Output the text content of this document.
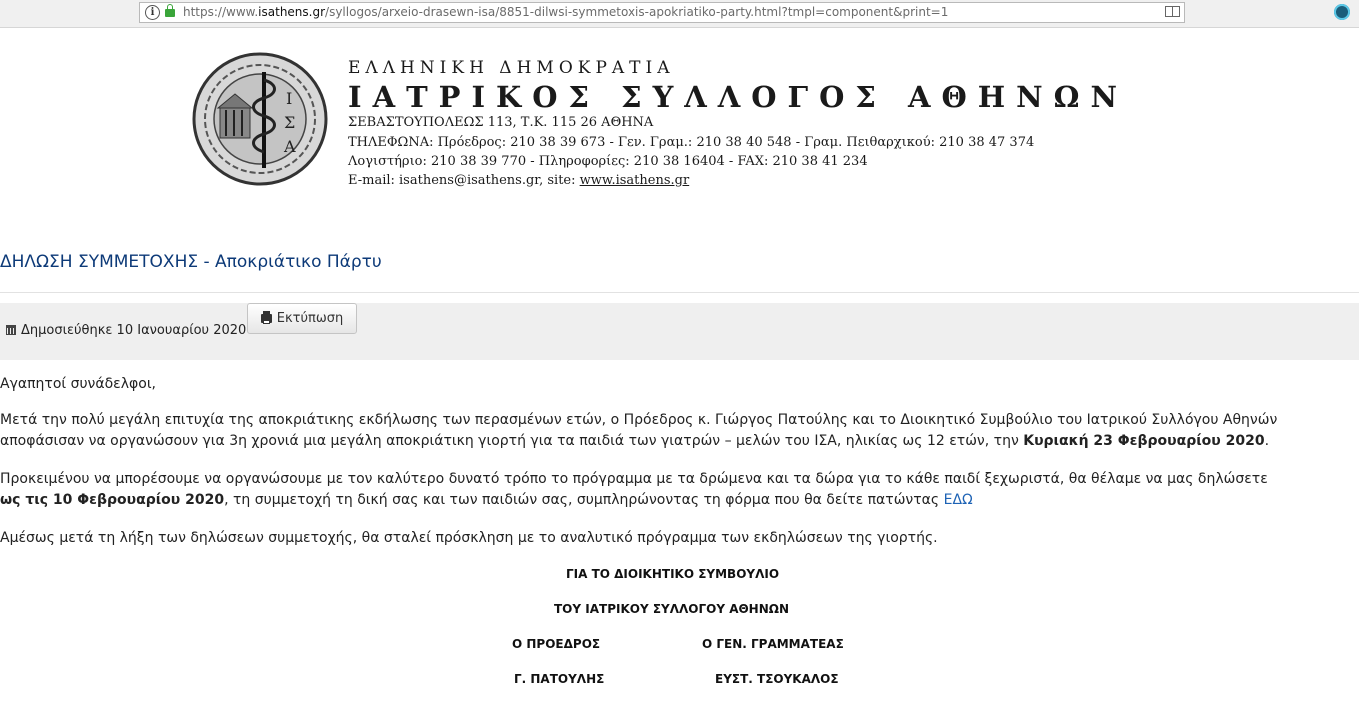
i	https://www.isathens.gr/syllogos/arxeio-drasewn-isa/8851-dilwsi-symmetoxis-apokriatiko-party.html?tmpl=component&print=1
Ι
Σ
Α
ΕΛΛΗΝΙΚΗ ΔΗΜΟΚΡΑΤΙΑ
ΙΑΤΡΙΚΟΣ ΣΥΛΛΟΓΟΣ ΑΘΗΝΩΝ
ΣΕΒΑΣΤΟΥΠΟΛΕΩΣ 113, Τ.Κ. 115 26 ΑΘΗΝΑ
ΤΗΛΕΦΩΝΑ: Πρόεδρος: 210 38 39 673 - Γεν. Γραμ.: 210 38 40 548 - Γραμ. Πειθαρχικού: 210 38 47 374
Λογιστήριο: 210 38 39 770 - Πληροφορίες: 210 38 16404 - FAX: 210 38 41 234
E-mail: isathens@isathens.gr, site: www.isathens.gr
ΔΗΛΩΣΗ ΣΥΜΜΕΤΟΧΗΣ - Αποκριάτικο Πάρτυ
Δημοσιεύθηκε 10 Ιανουαρίου 2020
Εκτύπωση
Αγαπητοί συνάδελφοι,
Μετά την πολύ μεγάλη επιτυχία της αποκριάτικης εκδήλωσης των περασμένων ετών, ο Πρόεδρος κ. Γιώργος Πατούλης και το Διοικητικό Συμβούλιο του Ιατρικού Συλλόγου Αθηνών
αποφάσισαν να οργανώσουν για 3η χρονιά μια μεγάλη αποκριάτικη γιορτή για τα παιδιά των γιατρών – μελών του ΙΣΑ, ηλικίας ως 12 ετών, την Κυριακή 23 Φεβρουαρίου 2020.
Προκειμένου να μπορέσουμε να οργανώσουμε με τον καλύτερο δυνατό τρόπο το πρόγραμμα με τα δρώμενα και τα δώρα για το κάθε παιδί ξεχωριστά, θα θέλαμε να μας δηλώσετε
ως τις 10 Φεβρουαρίου 2020, τη συμμετοχή τη δική σας και των παιδιών σας, συμπληρώνοντας τη φόρμα που θα δείτε πατώντας ΕΔΩ
Αμέσως μετά τη λήξη των δηλώσεων συμμετοχής, θα σταλεί πρόσκληση με το αναλυτικό πρόγραμμα των εκδηλώσεων της γιορτής.
ΓΙΑ ΤΟ ΔΙΟΙΚΗΤΙΚΟ ΣΥΜΒΟΥΛΙΟ
ΤΟΥ ΙΑΤΡΙΚΟΥ ΣΥΛΛΟΓΟΥ ΑΘΗΝΩΝ
Ο ΠΡΟΕΔΡΟΣ	Ο ΓΕΝ. ΓΡΑΜΜΑΤΕΑΣ
Γ. ΠΑΤΟΥΛΗΣ	ΕΥΣΤ. ΤΣΟΥΚΑΛΟΣ
